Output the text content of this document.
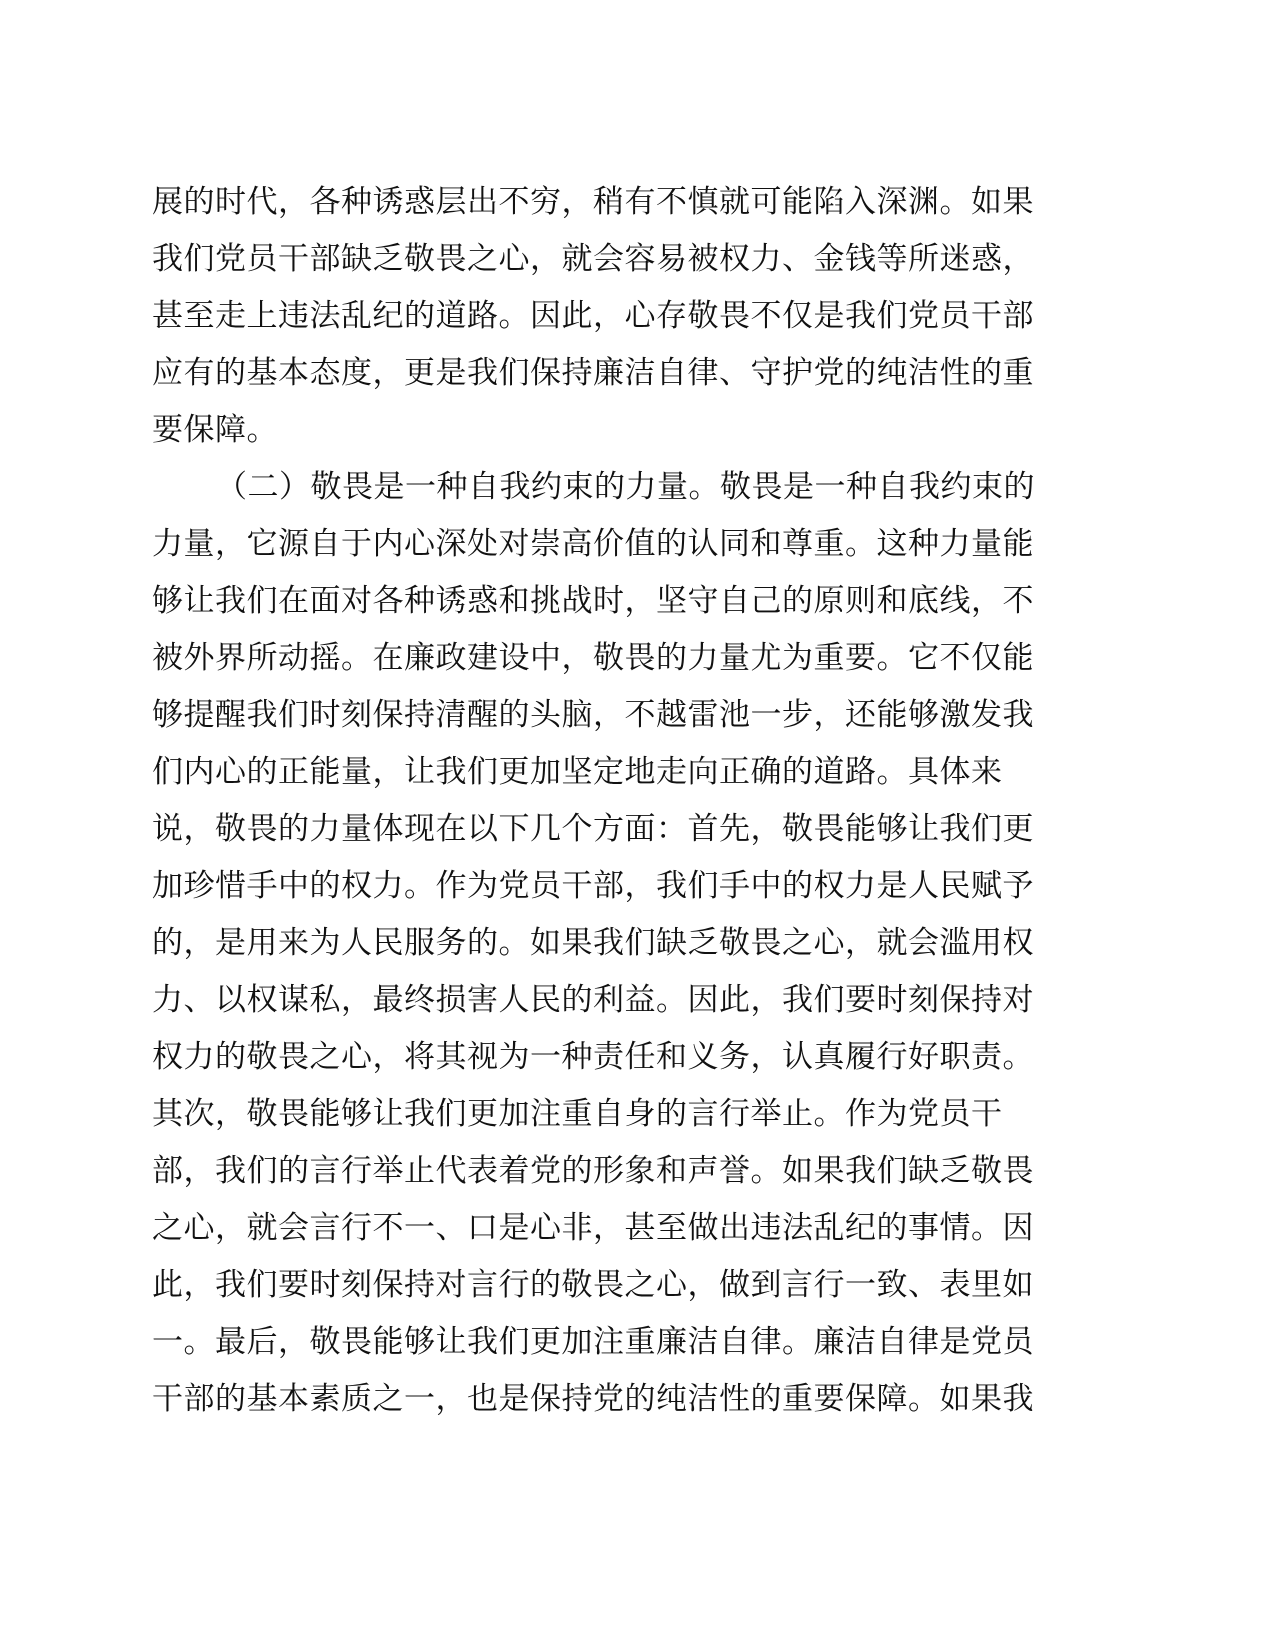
展的时代，各种诱惑层出不穷，稍有不慎就可能陷入深渊。如果
我们党员干部缺乏敬畏之心，就会容易被权力、金钱等所迷惑，
甚至走上违法乱纪的道路。因此，心存敬畏不仅是我们党员干部
应有的基本态度，更是我们保持廉洁自律、守护党的纯洁性的重
要保障。
（二）敬畏是一种自我约束的力量。敬畏是一种自我约束的
力量，它源自于内心深处对崇高价值的认同和尊重。这种力量能
够让我们在面对各种诱惑和挑战时，坚守自己的原则和底线，不
被外界所动摇。在廉政建设中，敬畏的力量尤为重要。它不仅能
够提醒我们时刻保持清醒的头脑，不越雷池一步，还能够激发我
们内心的正能量，让我们更加坚定地走向正确的道路。具体来
说，敬畏的力量体现在以下几个方面：首先，敬畏能够让我们更
加珍惜手中的权力。作为党员干部，我们手中的权力是人民赋予
的，是用来为人民服务的。如果我们缺乏敬畏之心，就会滥用权
力、以权谋私，最终损害人民的利益。因此，我们要时刻保持对
权力的敬畏之心，将其视为一种责任和义务，认真履行好职责。
其次，敬畏能够让我们更加注重自身的言行举止。作为党员干
部，我们的言行举止代表着党的形象和声誉。如果我们缺乏敬畏
之心，就会言行不一、口是心非，甚至做出违法乱纪的事情。因
此，我们要时刻保持对言行的敬畏之心，做到言行一致、表里如
一。最后，敬畏能够让我们更加注重廉洁自律。廉洁自律是党员
干部的基本素质之一，也是保持党的纯洁性的重要保障。如果我
